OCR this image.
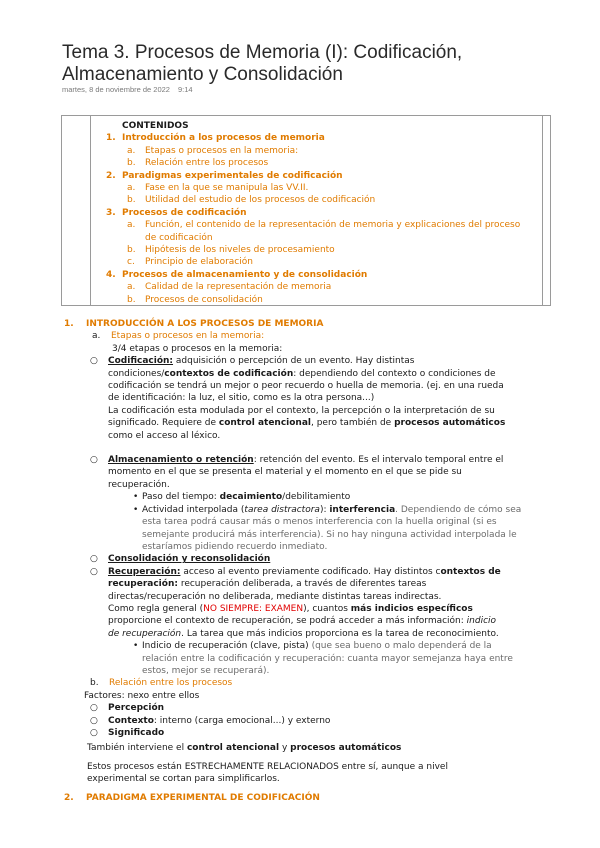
Tema 3. Procesos de Memoria (I): Codificación, Almacenamiento y Consolidación
martes, 8 de noviembre de 2022 9:14
CONTENIDOS
1. Introducción a los procesos de memoria
a. Etapas o procesos en la memoria:
b. Relación entre los procesos
2. Paradigmas experimentales de codificación
a. Fase en la que se manipula las VV.II.
b. Utilidad del estudio de los procesos de codificación
3. Procesos de codificación
a. Función, el contenido de la representación de memoria y explicaciones del proceso
de codificación
b. Hipótesis de los niveles de procesamiento
c. Principio de elaboración
4. Procesos de almacenamiento y de consolidación
a. Calidad de la representación de memoria
b. Procesos de consolidación
1. INTRODUCCIÓN A LOS PROCESOS DE MEMORIA
a. Etapas o procesos en la memoria:
3/4 etapas o procesos en la memoria:
○ Codificación: adquisición o percepción de un evento. Hay distintas
condiciones/contextos de codificación: dependiendo del contexto o condiciones de
codificación se tendrá un mejor o peor recuerdo o huella de memoria. (ej. en una rueda
de identificación: la luz, el sitio, como es la otra persona...)
La codificación esta modulada por el contexto, la percepción o la interpretación de su
significado. Requiere de control atencional, pero también de procesos automáticos
como el acceso al léxico.
○ Almacenamiento o retención: retención del evento. Es el intervalo temporal entre el
momento en el que se presenta el material y el momento en el que se pide su
recuperación.
• Paso del tiempo: decaimiento/debilitamiento
• Actividad interpolada (tarea distractora): interferencia. Dependiendo de cómo sea
esta tarea podrá causar más o menos interferencia con la huella original (si es
semejante producirá más interferencia). Si no hay ninguna actividad interpolada le
estaríamos pidiendo recuerdo inmediato.
○ Consolidación y reconsolidación
○ Recuperación: acceso al evento previamente codificado. Hay distintos contextos de
recuperación: recuperación deliberada, a través de diferentes tareas
directas/recuperación no deliberada, mediante distintas tareas indirectas.
Como regla general (NO SIEMPRE: EXAMEN), cuantos más indicios específicos
proporcione el contexto de recuperación, se podrá acceder a más información: indicio
de recuperación. La tarea que más indicios proporciona es la tarea de reconocimiento.
• Indicio de recuperación (clave, pista) (que sea bueno o malo dependerá de la
relación entre la codificación y recuperación: cuanta mayor semejanza haya entre
estos, mejor se recuperará).
b. Relación entre los procesos
Factores: nexo entre ellos
○	Percepción
○	Contexto: interno (carga emocional...) y externo
○	Significado
También interviene el control atencional y procesos automáticos
Estos procesos están ESTRECHAMENTE RELACIONADOS entre sí, aunque a nivel
experimental se cortan para simplificarlos.
2. PARADIGMA EXPERIMENTAL DE CODIFICACIÓN
